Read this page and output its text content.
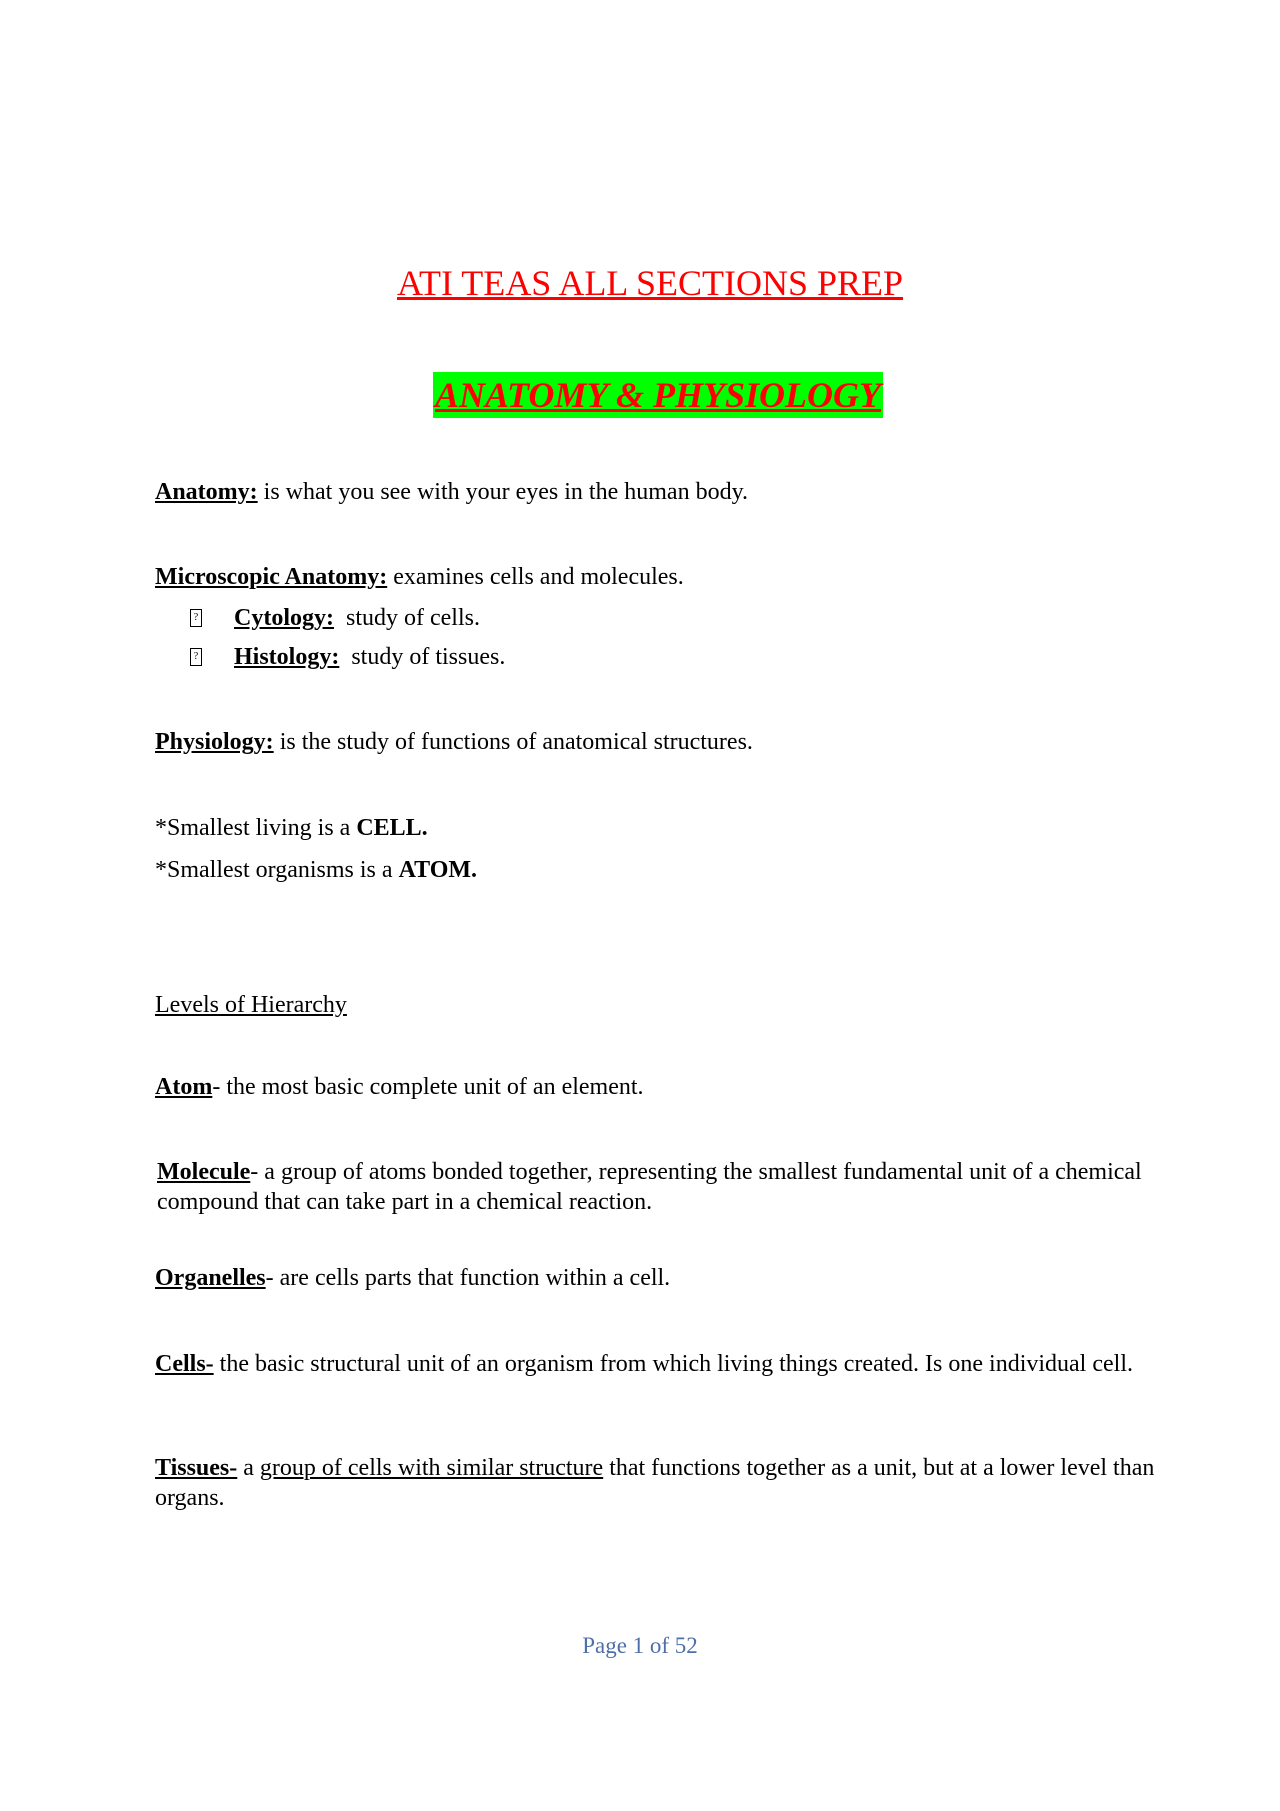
ATI TEAS ALL SECTIONS PREP
ANATOMY & PHYSIOLOGY
Anatomy: is what you see with your eyes in the human body.
Microscopic Anatomy: examines cells and molecules.
? Cytology: study of cells.
? Histology: study of tissues.
Physiology: is the study of functions of anatomical structures.
*Smallest living is a CELL.
*Smallest organisms is a ATOM.
Levels of Hierarchy
Atom- the most basic complete unit of an element.
Molecule- a group of atoms bonded together, representing the smallest fundamental unit of a chemical compound that can take part in a chemical reaction.
Organelles- are cells parts that function within a cell.
Cells- the basic structural unit of an organism from which living things created. Is one individual cell.
Tissues- a group of cells with similar structure that functions together as a unit, but at a lower level than organs.
Page 1 of 52
